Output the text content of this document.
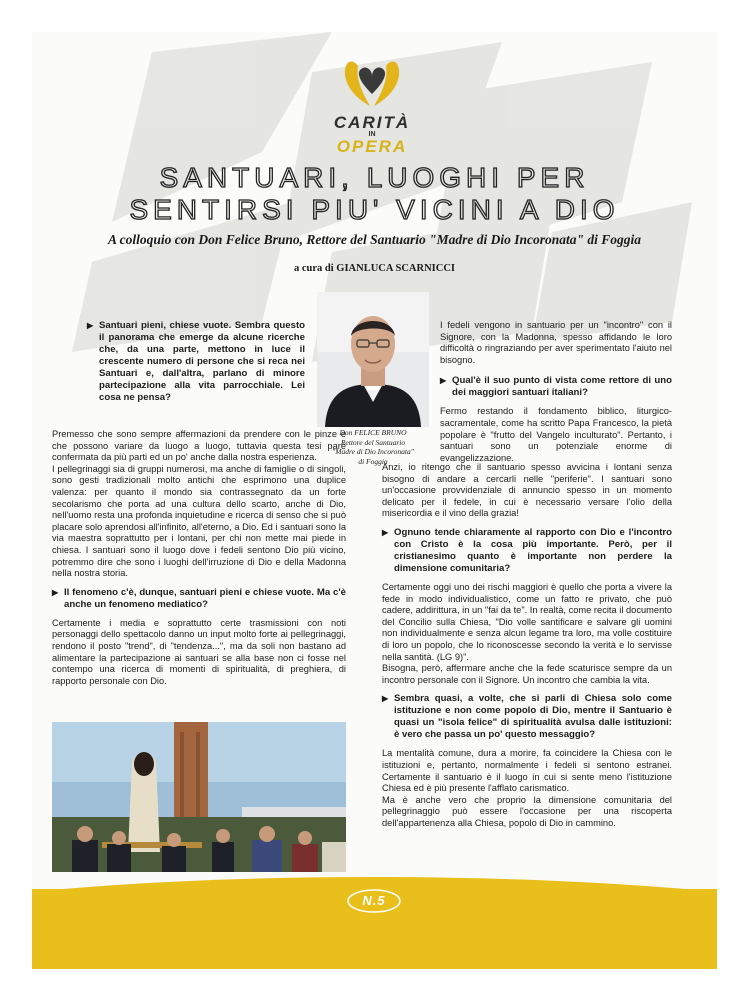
CARITÀ
IN
OPERA
SANTUARI, LUOGHI PER
SENTIRSI PIU' VICINI A DIO
A colloquio con Don Felice Bruno, Rettore del Santuario "Madre di Dio Incoronata" di Foggia
a cura di GIANLUCA SCARNICCI
Don FELICE BRUNO
Rettore del Santuario
"Madre di Dio Incoronata"
di Foggia
▶ Santuari pieni, chiese vuote. Sembra questo il panorama che emerge da alcune ricerche che, da una parte, mettono in luce il crescente numero di persone che si reca nei Santuari e, dall'altra, parlano di minore partecipazione alla vita parrocchiale. Lei cosa ne pensa?

Premesso che sono sempre affermazioni da prendere con le pinze e che possono variare da luogo a luogo, tuttavia questa tesi pare confermata da più parti ed un po' anche dalla nostra esperienza.

I pellegrinaggi sia di gruppi numerosi, ma anche di famiglie o di singoli, sono gesti tradizionali molto antichi che esprimono una duplice valenza: per quanto il mondo sia contrassegnato da un forte secolarismo che porta ad una cultura dello scarto, anche di Dio, nell'uomo resta una profonda inquietudine e ricerca di senso che si può placare solo aprendosi all'infinito, all'eterno, a Dio. Ed i santuari sono la via maestra soprattutto per i lontani, per chi non mette mai piede in chiesa. I santuari sono il luogo dove i fedeli sentono Dio più vicino, potremmo dire che sono i luoghi dell'irruzione di Dio e della Madonna nella nostra storia.

▶ Il fenomeno c'è, dunque, santuari pieni e chiese vuote. Ma c'è anche un fenomeno mediatico?

Certamente i media e soprattutto certe trasmissioni con noti personaggi dello spettacolo danno un input molto forte ai pellegrinaggi, rendono il posto "trend", di "tendenza...", ma da soli non bastano ad alimentare la partecipazione ai santuari se alla base non ci fosse nel contempo una ricerca di momenti di spiritualità, di preghiera, di rapporto personale con Dio.

I fedeli vengono in santuario per un "incontro" con il Signore, con la Madonna, spesso affidando le loro difficoltà o ringraziando per aver sperimentato l'aiuto nel bisogno.

▶ Qual'è il suo punto di vista come rettore di uno dei maggiori santuari italiani?

Fermo restando il fondamento biblico, liturgico-sacramentale, come ha scritto Papa Francesco, la pietà popolare è "frutto del Vangelo inculturato". Pertanto, i santuari sono un potenziale enorme di evangelizzazione.

Anzi, io ritengo che il santuario spesso avvicina i lontani senza bisogno di andare a cercarli nelle "periferie". I santuari sono un'occasione provvidenziale di annuncio spesso in un momento delicato per il fedele, in cui è necessario versare l'olio della misericordia e il vino della grazia!

▶ Ognuno tende chiaramente al rapporto con Dio e l'incontro con Cristo è la cosa più importante. Però, per il cristianesimo quanto è importante non perdere la dimensione comunitaria?

Certamente oggi uno dei rischi maggiori è quello che porta a vivere la fede in modo individualistico, come un fatto re privato, che può cadere, addirittura, in un "fai da te". In realtà, come recita il documento del Concilio sulla Chiesa, "Dio volle santificare e salvare gli uomini non individualmente e senza alcun legame tra loro, ma volle costituire di loro un popolo, che lo riconoscesse secondo la verità e lo servisse nella santità. (LG 9)".

Bisogna, però, affermare anche che la fede scaturisce sempre da un incontro personale con il Signore. Un incontro che cambia la vita.

▶ Sembra quasi, a volte, che si parli di Chiesa solo come istituzione e non come popolo di Dio, mentre il Santuario è quasi un "isola felice" di spiritualità avulsa dalle istituzioni: è vero che passa un po' questo messaggio?

La mentalità comune, dura a morire, fa coincidere la Chiesa con le istituzioni e, pertanto, normalmente i fedeli si sentono estranei. Certamente il santuario è il luogo in cui si sente meno l'istituzione Chiesa ed è più presente l'afflato carismatico.

Ma è anche vero che proprio la dimensione comunitaria del pellegrinaggio può essere l'occasione per una riscoperta dell'appartenenza alla Chiesa, popolo di Dio in cammino.

N.5
